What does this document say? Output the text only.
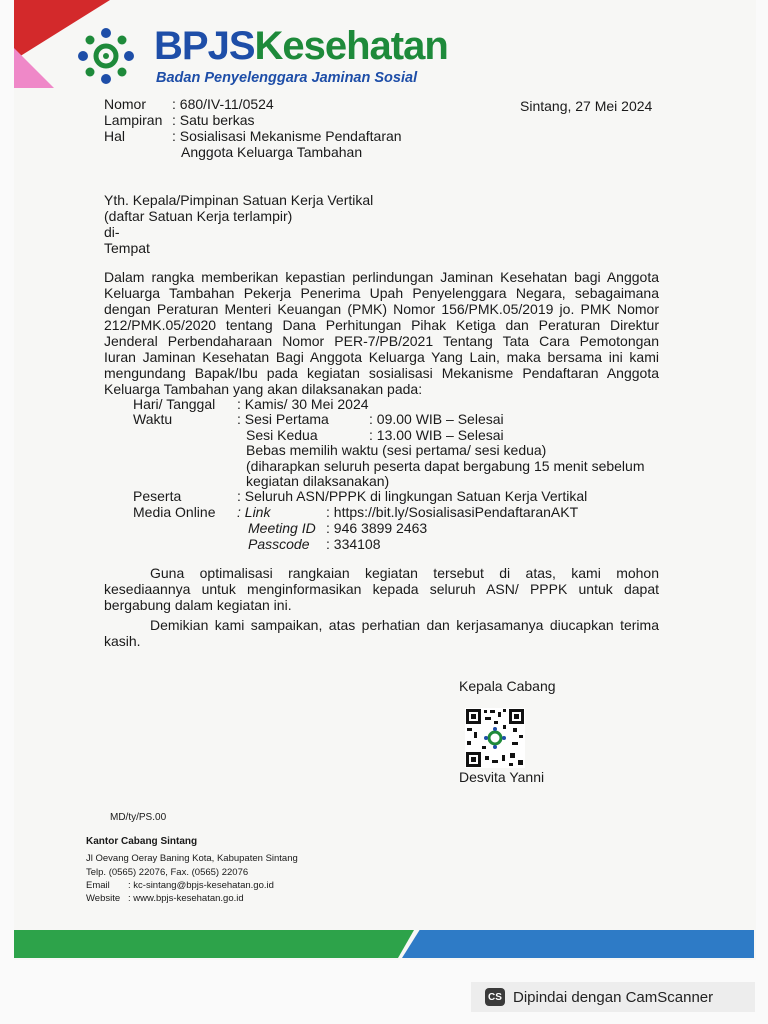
BPJSKesehatan
Badan Penyelenggara Jaminan Sosial
Nomor : 680/IV-11/0524
Lampiran : Satu berkas
Hal	: Sosialisasi Mekanisme Pendaftaran
Anggota Keluarga Tambahan
Sintang, 27 Mei 2024
Yth. Kepala/Pimpinan Satuan Kerja Vertikal
(daftar Satuan Kerja terlampir)
di-
Tempat
Dalam rangka memberikan kepastian perlindungan Jaminan Kesehatan bagi Anggota
Keluarga Tambahan Pekerja Penerima Upah Penyelenggara Negara, sebagaimana
dengan Peraturan Menteri Keuangan (PMK) Nomor 156/PMK.05/2019 jo. PMK Nomor
212/PMK.05/2020 tentang Dana Perhitungan Pihak Ketiga dan Peraturan Direktur
Jenderal Perbendaharaan Nomor PER-7/PB/2021 Tentang Tata Cara Pemotongan
Iuran Jaminan Kesehatan Bagi Anggota Keluarga Yang Lain, maka bersama ini kami
mengundang Bapak/Ibu pada kegiatan sosialisasi Mekanisme Pendaftaran Anggota
Keluarga Tambahan yang akan dilaksanakan pada:
Hari/ Tanggal : Kamis/ 30 Mei 2024
Waktu	: Sesi Pertama	: 09.00 WIB – Selesai
Sesi Kedua	: 13.00 WIB – Selesai
Bebas memilih waktu (sesi pertama/ sesi kedua)
(diharapkan seluruh peserta dapat bergabung 15 menit sebelum
kegiatan dilaksanakan)
Peserta	: Seluruh ASN/PPPK di lingkungan Satuan Kerja Vertikal
Media Online : Link	: https://bit.ly/SosialisasiPendaftaranAKT
Meeting ID : 946 3899 2463
Passcode : 334108
Guna optimalisasi rangkaian kegiatan tersebut di atas, kami mohon
kesediaannya untuk menginformasikan kepada seluruh ASN/ PPPK untuk dapat
bergabung dalam kegiatan ini.
Demikian kami sampaikan, atas perhatian dan kerjasamanya diucapkan terima
kasih.
Kepala Cabang
Desvita Yanni
MD/ty/PS.00
Kantor Cabang Sintang
Jl Oevang Oeray Baning Kota, Kabupaten Sintang
Telp. (0565) 22076, Fax. (0565) 22076
Email : kc-sintang@bpjs-kesehatan.go.id
Website : www.bpjs-kesehatan.go.id
CS Dipindai dengan CamScanner
